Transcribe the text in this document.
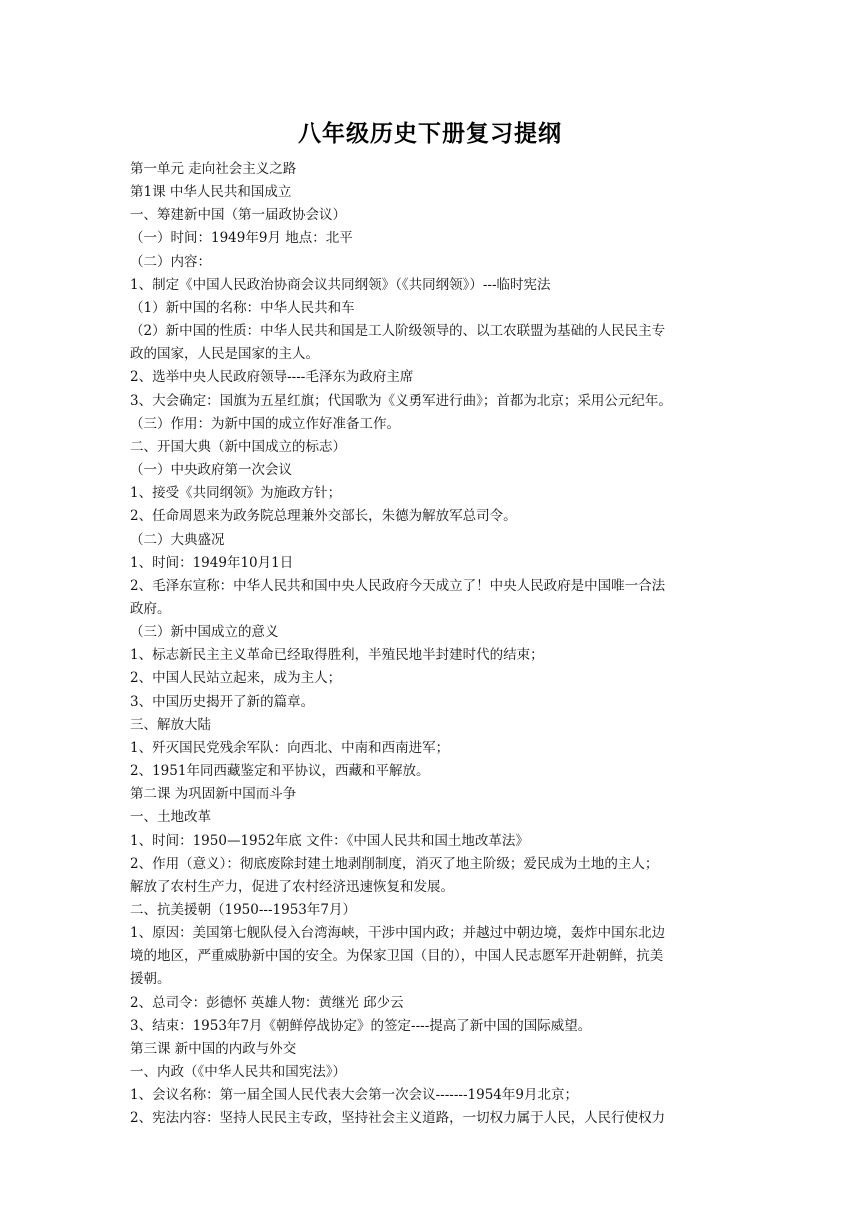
八年级历史下册复习提纲
第一单元 走向社会主义之路
第1课 中华人民共和国成立
一、筹建新中国（第一届政协会议）
（一）时间：1949年9月 地点：北平
（二）内容：
1、制定《中国人民政治协商会议共同纲领》（《共同纲领》）---临时宪法
（1）新中国的名称：中华人民共和车
（2）新中国的性质：中华人民共和国是工人阶级领导的、以工农联盟为基础的人民民主专
政的国家，人民是国家的主人。
2、选举中央人民政府领导----毛泽东为政府主席
3、大会确定：国旗为五星红旗；代国歌为《义勇军进行曲》；首都为北京；采用公元纪年。
（三）作用：为新中国的成立作好准备工作。
二、开国大典（新中国成立的标志）
（一）中央政府第一次会议
1、接受《共同纲领》为施政方针；
2、任命周恩来为政务院总理兼外交部长，朱德为解放军总司令。
（二）大典盛况
1、时间：1949年10月1日
2、毛泽东宣称：中华人民共和国中央人民政府今天成立了！中央人民政府是中国唯一合法
政府。
（三）新中国成立的意义
1、标志新民主主义革命已经取得胜利，半殖民地半封建时代的结束；
2、中国人民站立起来，成为主人；
3、中国历史揭开了新的篇章。
三、解放大陆
1、歼灭国民党残余军队：向西北、中南和西南进军；
2、1951年同西藏鉴定和平协议，西藏和平解放。
第二课 为巩固新中国而斗争
一、土地改革
1、时间：1950—1952年底 文件：《中国人民共和国土地改革法》
2、作用（意义）：彻底废除封建土地剥削制度，消灭了地主阶级；爱民成为土地的主人；
解放了农村生产力，促进了农村经济迅速恢复和发展。
二、抗美援朝（1950---1953年7月）
1、原因：美国第七舰队侵入台湾海峡，干涉中国内政；并越过中朝边境，轰炸中国东北边
境的地区，严重威胁新中国的安全。为保家卫国（目的），中国人民志愿军开赴朝鲜，抗美
援朝。
2、总司令：彭德怀 英雄人物：黄继光 邱少云
3、结束：1953年7月《朝鲜停战协定》的签定----提高了新中国的国际威望。
第三课 新中国的内政与外交
一、内政（《中华人民共和国宪法》）
1、会议名称：第一届全国人民代表大会第一次会议-------1954年9月北京；
2、宪法内容：坚持人民民主专政，坚持社会主义道路，一切权力属于人民，人民行使权力
